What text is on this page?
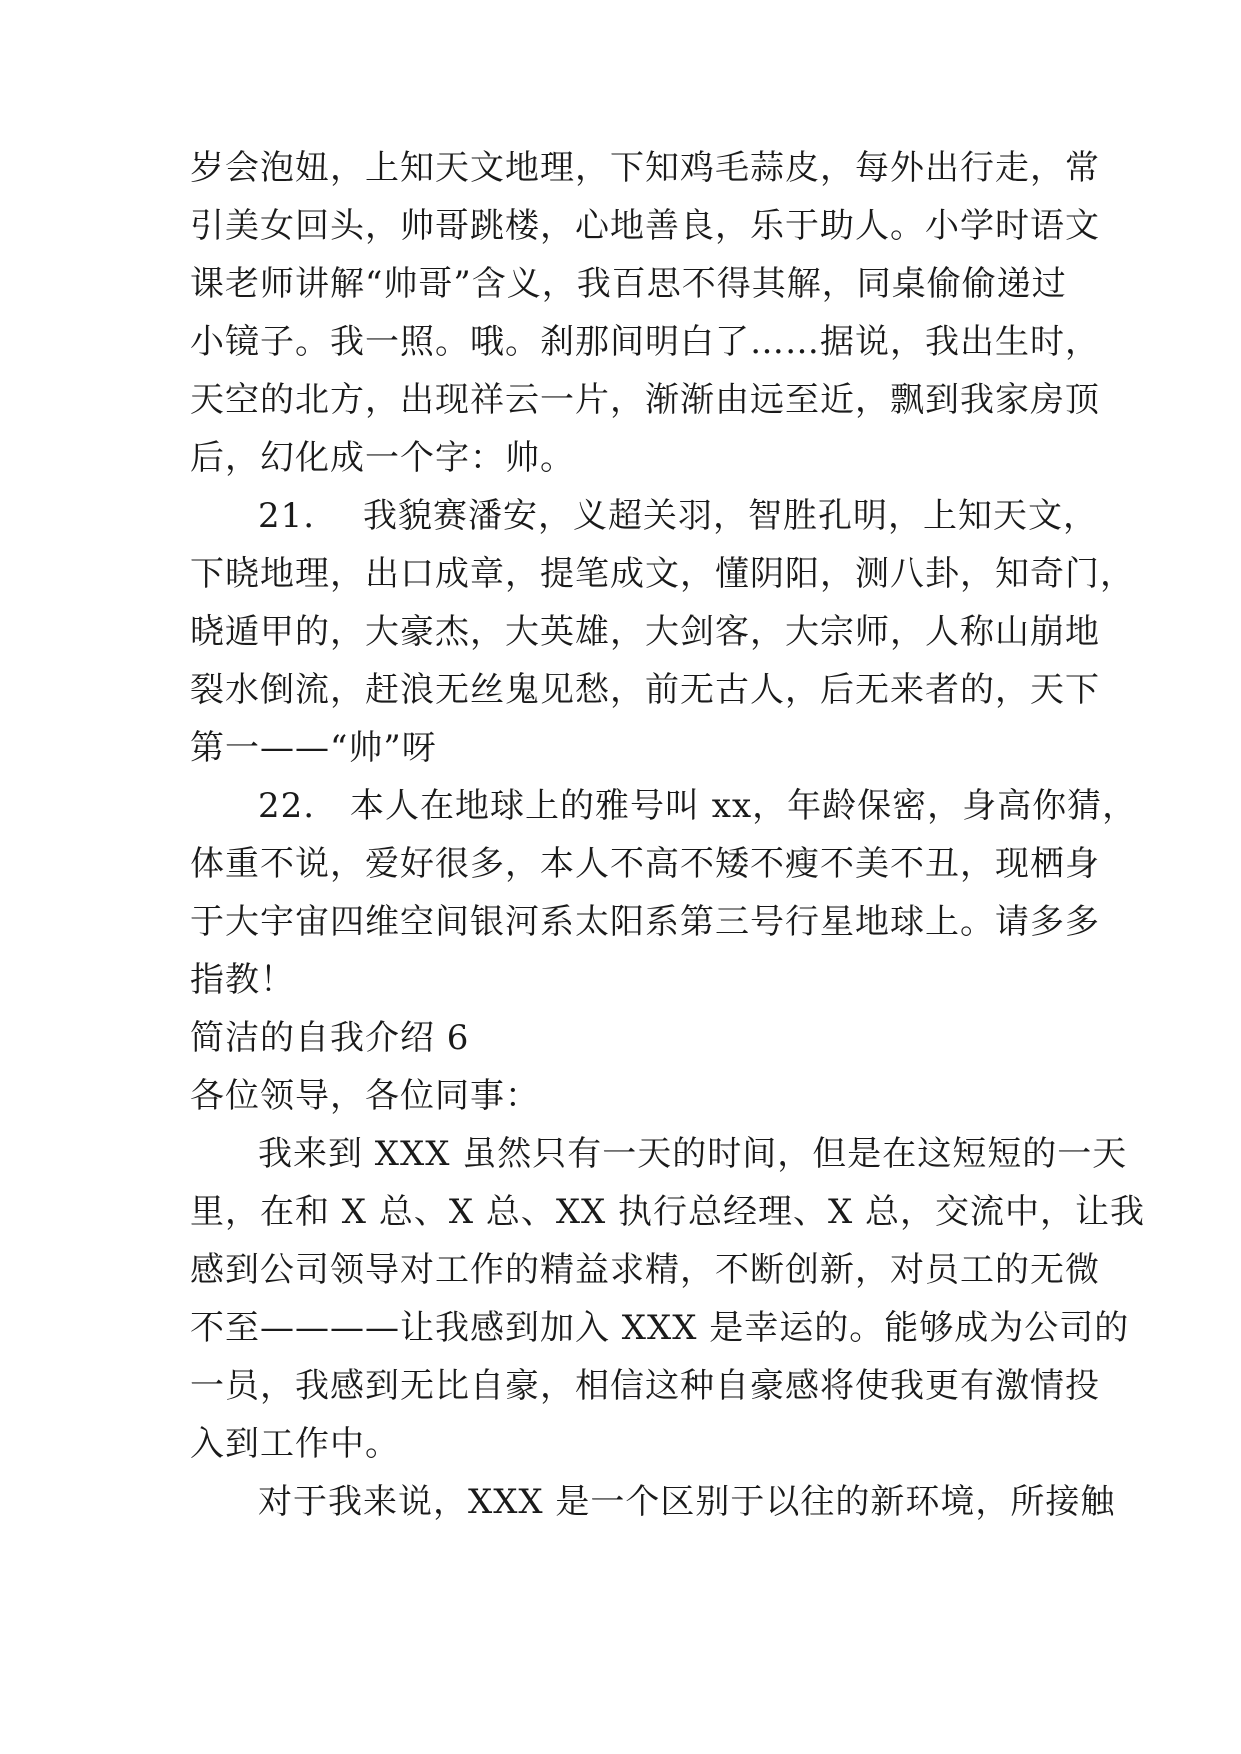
岁会泡妞，上知天文地理，下知鸡毛蒜皮，每外出行走，常
引美女回头，帅哥跳楼，心地善良，乐于助人。小学时语文
课老师讲解“帅哥”含义，我百思不得其解，同桌偷偷递过
小镜子。我一照。哦。刹那间明白了……据说，我出生时，
天空的北方，出现祥云一片，渐渐由远至近，飘到我家房顶
后，幻化成一个字：帅。
21. 我貌赛潘安，义超关羽，智胜孔明，上知天文，
下晓地理，出口成章，提笔成文，懂阴阳，测八卦，知奇门，
晓遁甲的，大豪杰，大英雄，大剑客，大宗师，人称山崩地
裂水倒流，赶浪无丝鬼见愁，前无古人，后无来者的，天下
第一——“帅”呀
22. 本人在地球上的雅号叫 xx，年龄保密，身高你猜，
体重不说，爱好很多，本人不高不矮不瘦不美不丑，现栖身
于大宇宙四维空间银河系太阳系第三号行星地球上。请多多
指教！
简洁的自我介绍 6
各位领导，各位同事：
我来到 XXX 虽然只有一天的时间，但是在这短短的一天
里，在和 X 总、X 总、XX 执行总经理、X 总，交流中，让我
感到公司领导对工作的精益求精，不断创新，对员工的无微
不至————让我感到加入 XXX 是幸运的。能够成为公司的
一员，我感到无比自豪，相信这种自豪感将使我更有激情投
入到工作中。
对于我来说，XXX 是一个区别于以往的新环境，所接触
